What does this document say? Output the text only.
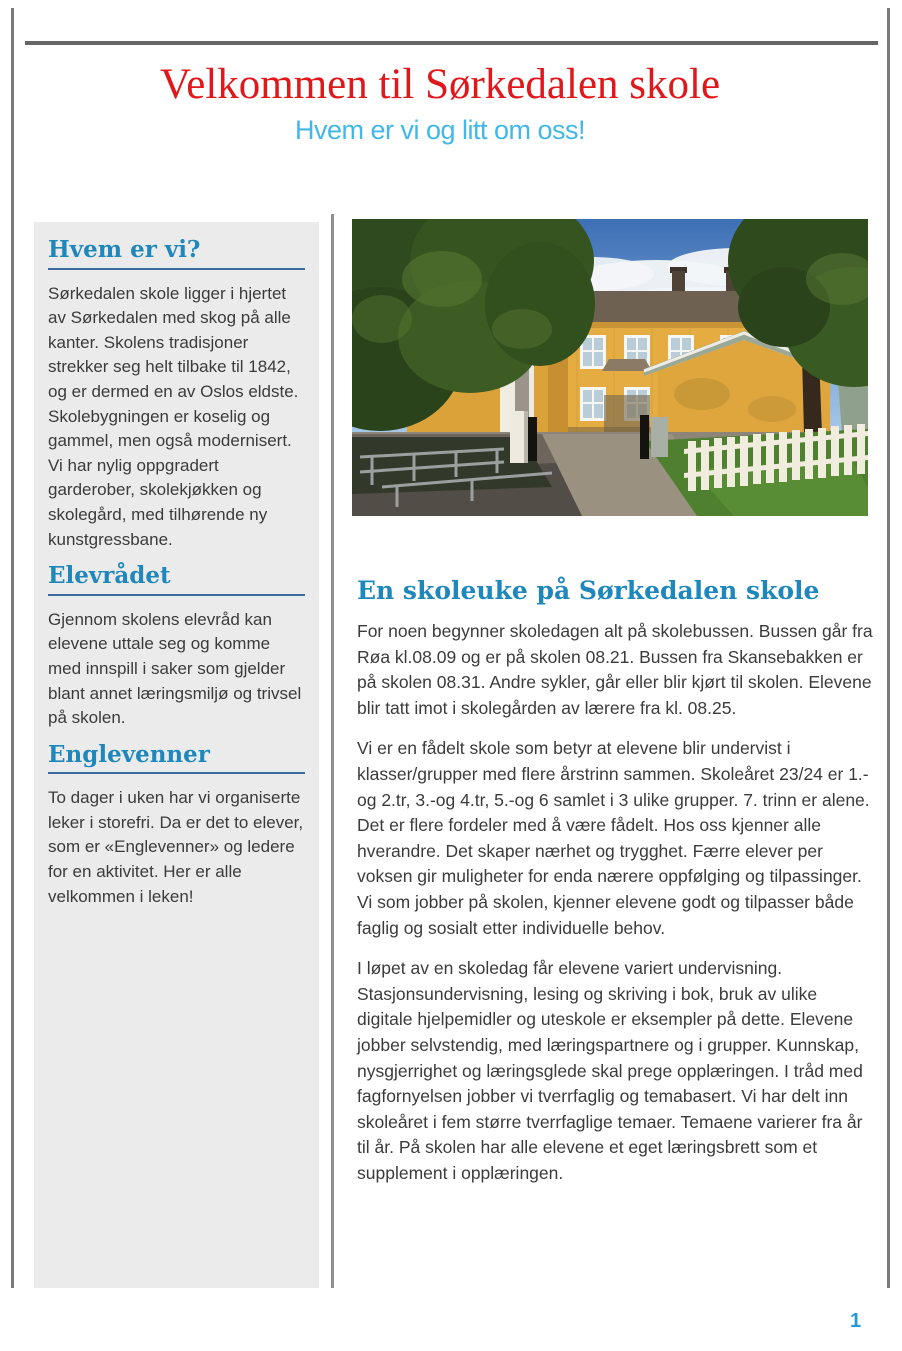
Velkommen til Sørkedalen skole
Hvem er vi og litt om oss!
Hvem er vi?

Sørkedalen skole ligger i hjertet av Sørkedalen med skog på alle kanter. Skolens tradisjoner strekker seg helt tilbake til 1842, og er dermed en av Oslos eldste. Skolebygningen er koselig og gammel, men også modernisert. Vi har nylig oppgradert garderober, skolekjøkken og skolegård, med tilhørende ny kunstgressbane.

Elevrådet

Gjennom skolens elevråd kan elevene uttale seg og komme med innspill i saker som gjelder blant annet læringsmiljø og trivsel på skolen.

Englevenner

To dager i uken har vi organiserte leker i storefri. Da er det to elever, som er «Englevenner» og ledere for en aktivitet. Her er alle velkommen i leken!

En skoleuke på Sørkedalen skole

For noen begynner skoledagen alt på skolebussen. Bussen går fra Røa kl.08.09 og er på skolen 08.21. Bussen fra Skansebakken er på skolen 08.31. Andre sykler, går eller blir kjørt til skolen. Elevene blir tatt imot i skolegården av lærere fra kl. 08.25.

Vi er en fådelt skole som betyr at elevene blir undervist i klasser/grupper med flere årstrinn sammen. Skoleåret 23/24 er 1.-og 2.tr, 3.-og 4.tr, 5.-og 6 samlet i 3 ulike grupper. 7. trinn er alene. Det er flere fordeler med å være fådelt. Hos oss kjenner alle hverandre. Det skaper nærhet og trygghet. Færre elever per voksen gir muligheter for enda nærere oppfølging og tilpassinger. Vi som jobber på skolen, kjenner elevene godt og tilpasser både faglig og sosialt etter individuelle behov.

I løpet av en skoledag får elevene variert undervisning. Stasjonsundervisning, lesing og skriving i bok, bruk av ulike digitale hjelpemidler og uteskole er eksempler på dette. Elevene jobber selvstendig, med læringspartnere og i grupper. Kunnskap, nysgjerrighet og læringsglede skal prege opplæringen. I tråd med fagfornyelsen jobber vi tverrfaglig og temabasert. Vi har delt inn skoleåret i fem større tverrfaglige temaer. Temaene varierer fra år til år. På skolen har alle elevene et eget læringsbrett som et supplement i opplæringen.

1
